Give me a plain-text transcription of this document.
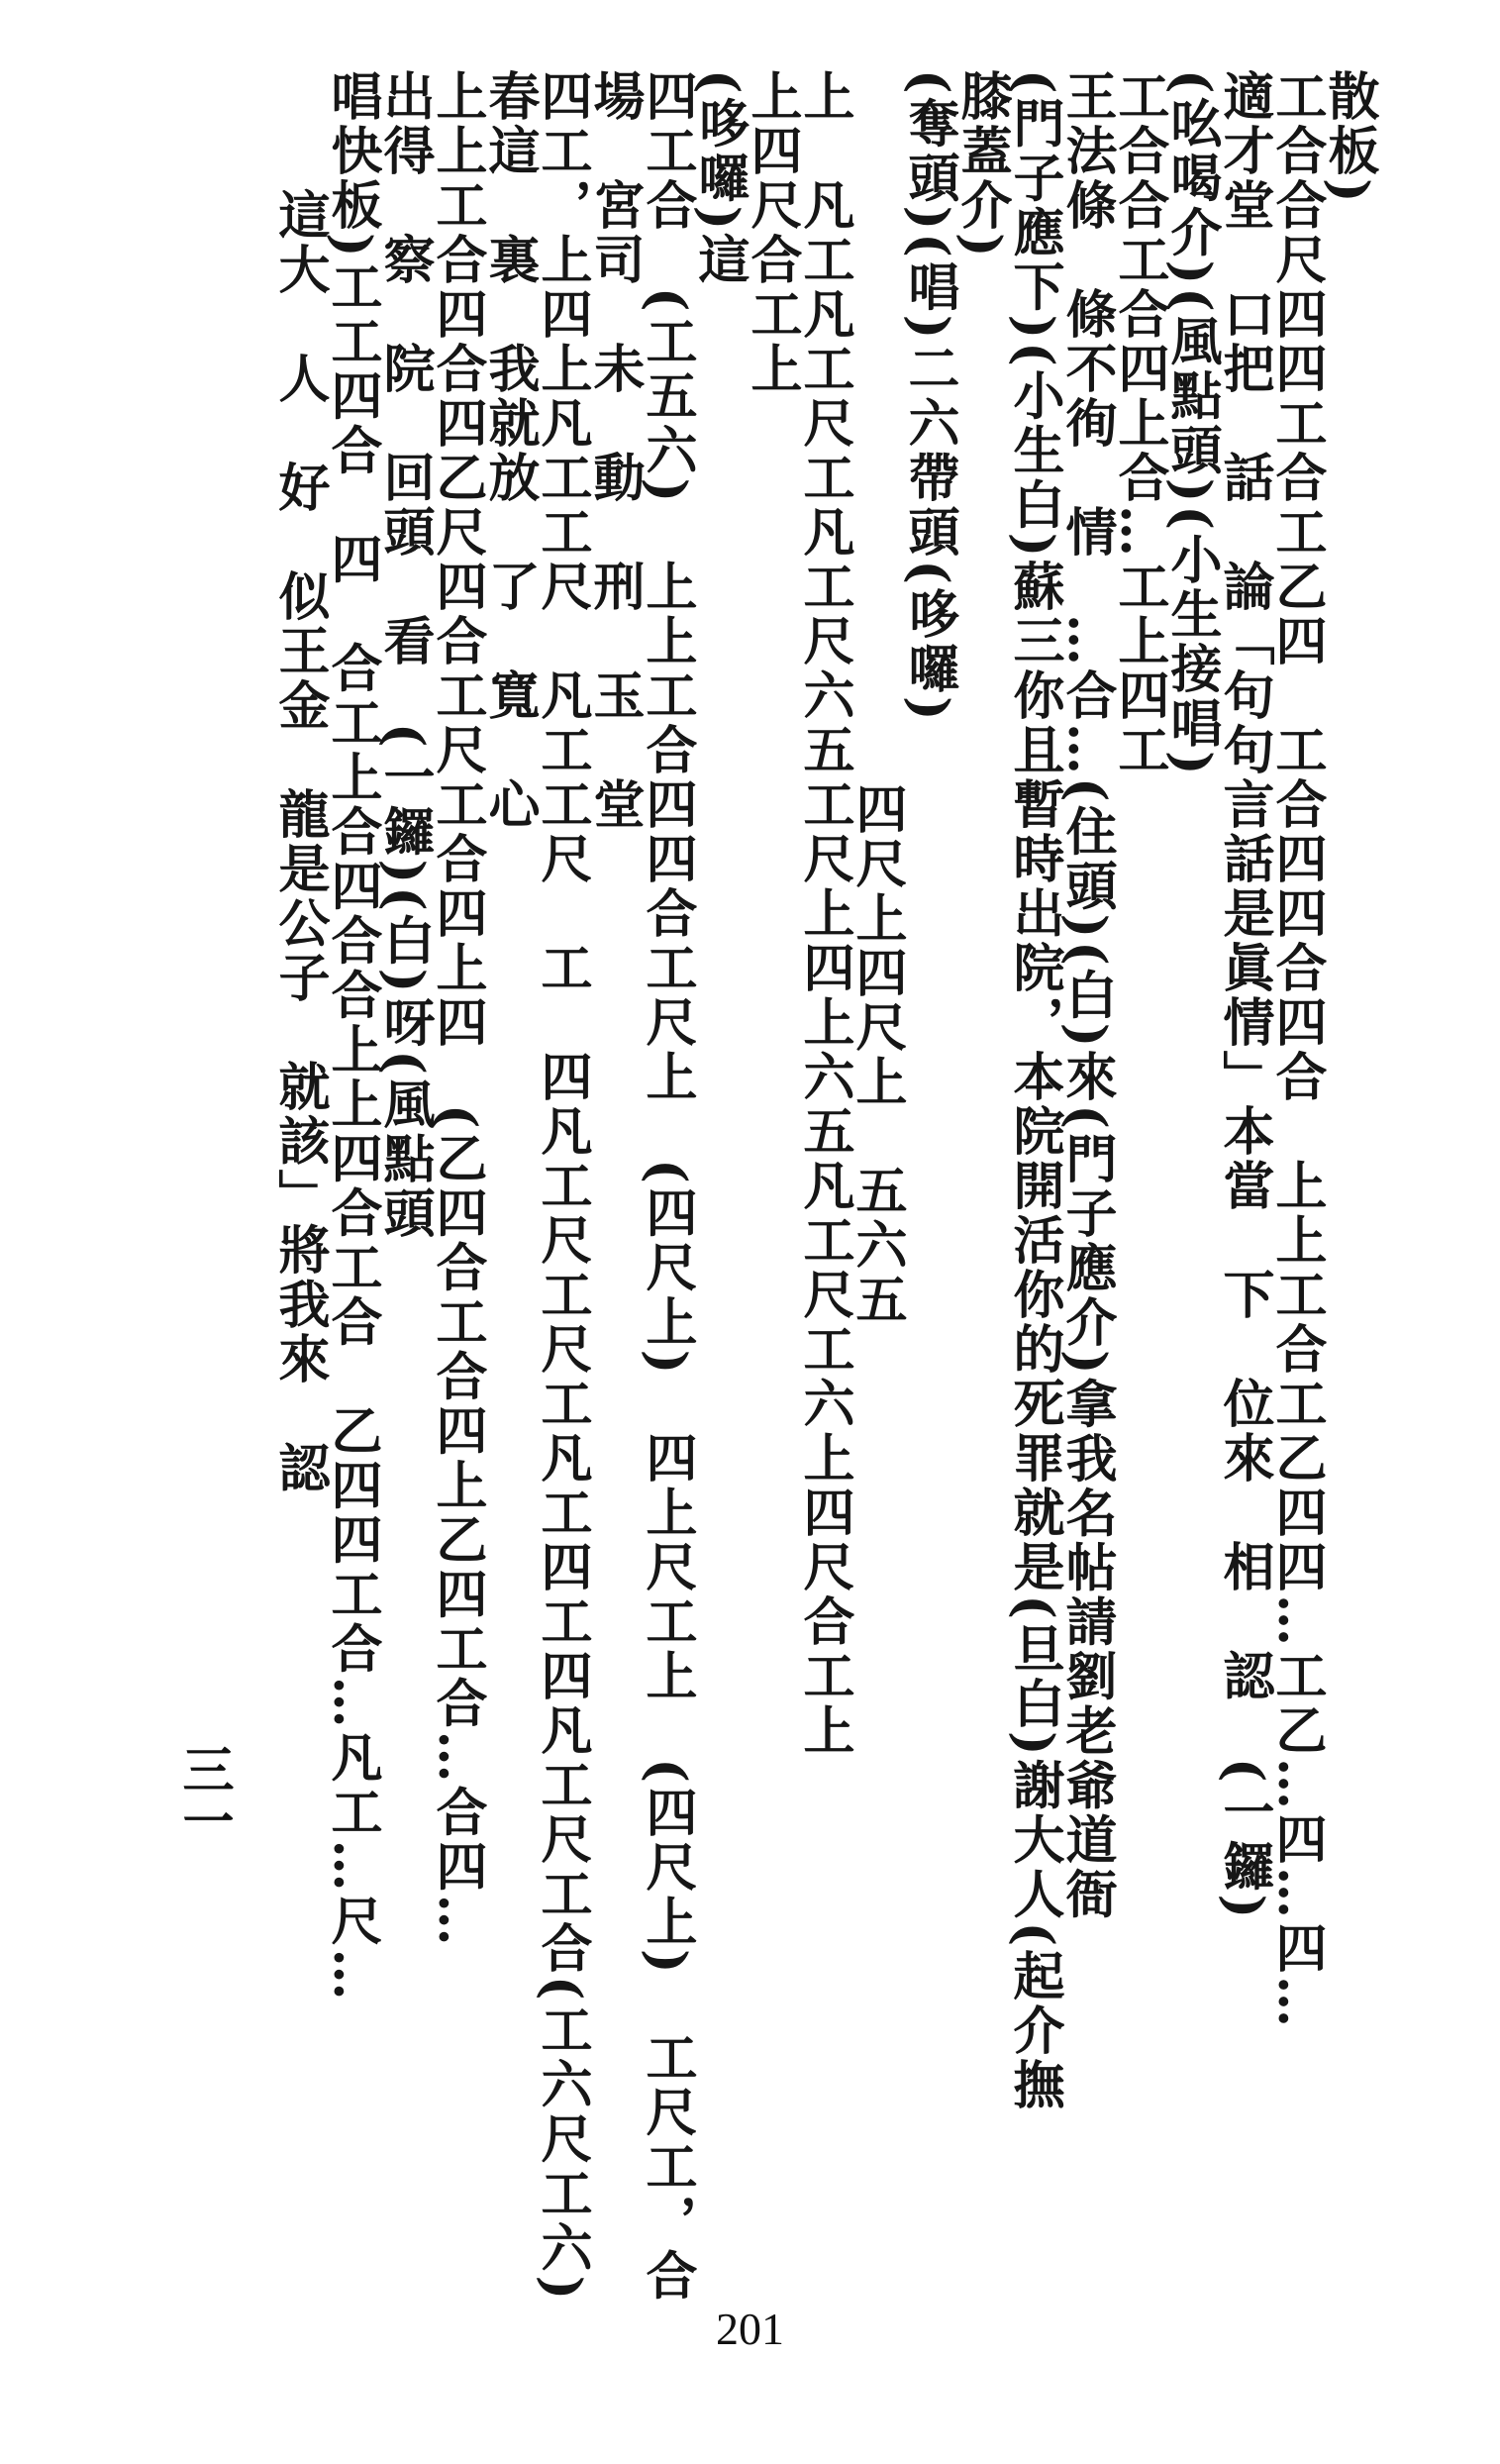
散板)
工合合尺四四工合工乙四　工合四四合四合　上上工合工乙四四…工乙…四…四…
適才堂　口把　話　論「句句言話是眞情」本當　下　位來　相　認　(一鑼)
(吆喝介)(風點頭)(小生接唱)
工合合工合四上合…工上四工
王法條　條不徇　情　…合…(住頭)(白)來(門子應介)拿我名帖請劉老爺道衙
(門子應下)(小生白)蘇三你且暫時出院，本院開活你的死罪就是(旦白)謝大人(起介撫
膝蓋介)
(奪頭)(唱)二六帶頭(哆囉)
四尺上四尺上　五六五
上　凡工凡工尺工凡工尺六五工尺上四上六五凡工尺工六上四尺合工上
上四尺合工上
(哆囉)這
四工合　(工五六)　上上工合四四合工尺上　(四尺上)　四上尺工上　(四尺上)　工尺工，合
場　宮司　未　動　刑　玉　堂
四工，上四上凡工工尺　凡工工尺　工　四凡工尺工尺工凡工四工四凡工尺工合(工六尺工六)
春這　裏　我就放　了　寬　心
上上工合四合四乙尺四合工尺工合四上四　(乙四合工合四上乙四工合…合四…
出得　察　院　回頭　看　(一鑼)(白)呀(風點頭
唱快板)工工四合　四　合工上合四合合上上四合工合　乙四四工合…凡工…尺…
這大　人　好　似王金　龍是公子　就該」將我來　認
三一
201
